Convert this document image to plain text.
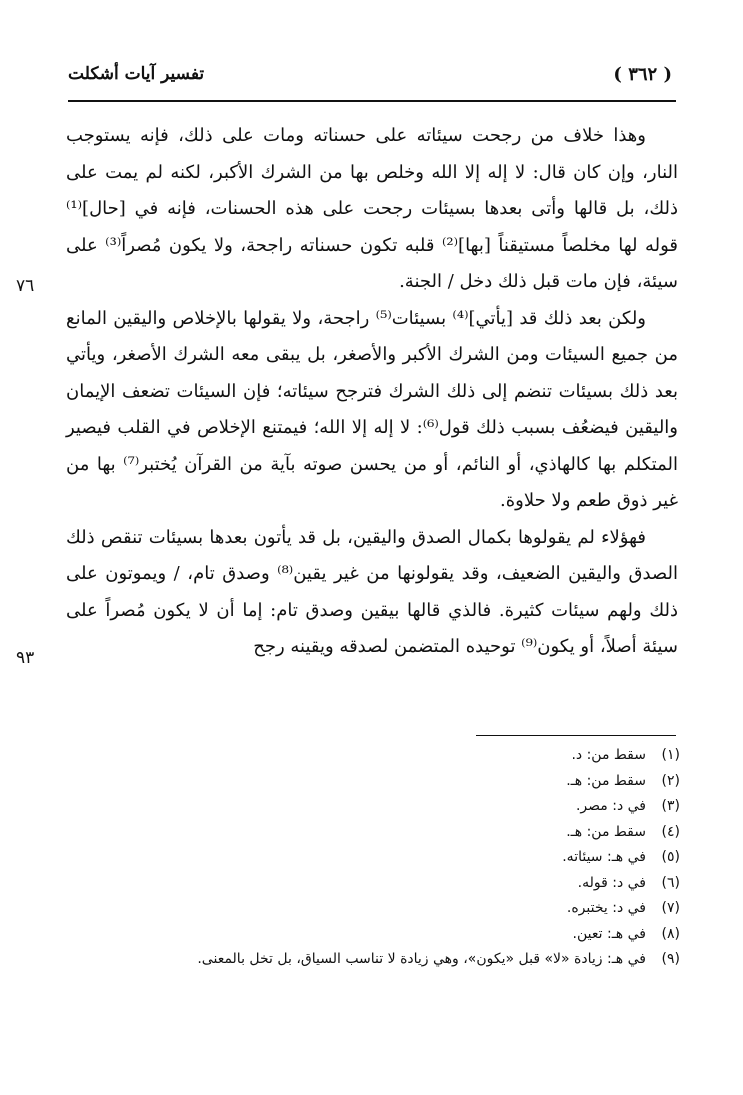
( ٣٦٢ )
تفسير آيات أشكلت
٧٦
٩٣

وهذا خلاف من رجحت سيئاته على حسناته ومات على ذلك، فإنه يستوجب النار، وإن كان قال: لا إله إلا الله وخلص بها من الشرك الأكبر، لكنه لم يمت على ذلك، بل قالها وأتى بعدها بسيئات رجحت على هذه الحسنات، فإنه في [حال]⁽¹⁾ قوله لها مخلصاً مستيقناً [بها]⁽²⁾ قلبه تكون حسناته راجحة، ولا يكون مُصراً⁽³⁾ على سيئة، فإن مات قبل ذلك دخل / الجنة.

ولكن بعد ذلك قد [يأتي]⁽⁴⁾ بسيئات⁽⁵⁾ راجحة، ولا يقولها بالإخلاص واليقين المانع من جميع السيئات ومن الشرك الأكبر والأصغر، بل يبقى معه الشرك الأصغر، ويأتي بعد ذلك بسيئات تنضم إلى ذلك الشرك فترجح سيئاته؛ فإن السيئات تضعف الإيمان واليقين فيضعُف بسبب ذلك قول⁽⁶⁾: لا إله إلا الله؛ فيمتنع الإخلاص في القلب فيصير المتكلم بها كالهاذي، أو النائم، أو من يحسن صوته بآية من القرآن يُختبر⁽⁷⁾ بها من غير ذوق طعم ولا حلاوة.

فهؤلاء لم يقولوها بكمال الصدق واليقين، بل قد يأتون بعدها بسيئات تنقص ذلك الصدق واليقين الضعيف، وقد يقولونها من غير يقين⁽⁸⁾ وصدق تام، / ويموتون على ذلك ولهم سيئات كثيرة. فالذي قالها بيقين وصدق تام: إما أن لا يكون مُصراً على سيئة أصلاً، أو يكون⁽⁹⁾ توحيده المتضمن لصدقه ويقينه رجح

(١)سقط من: د.
(٢)سقط من: هـ.
(٣)في د: مصر.
(٤)سقط من: هـ.
(٥)في هـ: سيئاته.
(٦)في د: قوله.
(٧)في د: يختبره.
(٨)في هـ: تعين.
(٩)في هـ: زيادة «لا» قبل «يكون»، وهي زيادة لا تناسب السياق، بل تخل بالمعنى.
